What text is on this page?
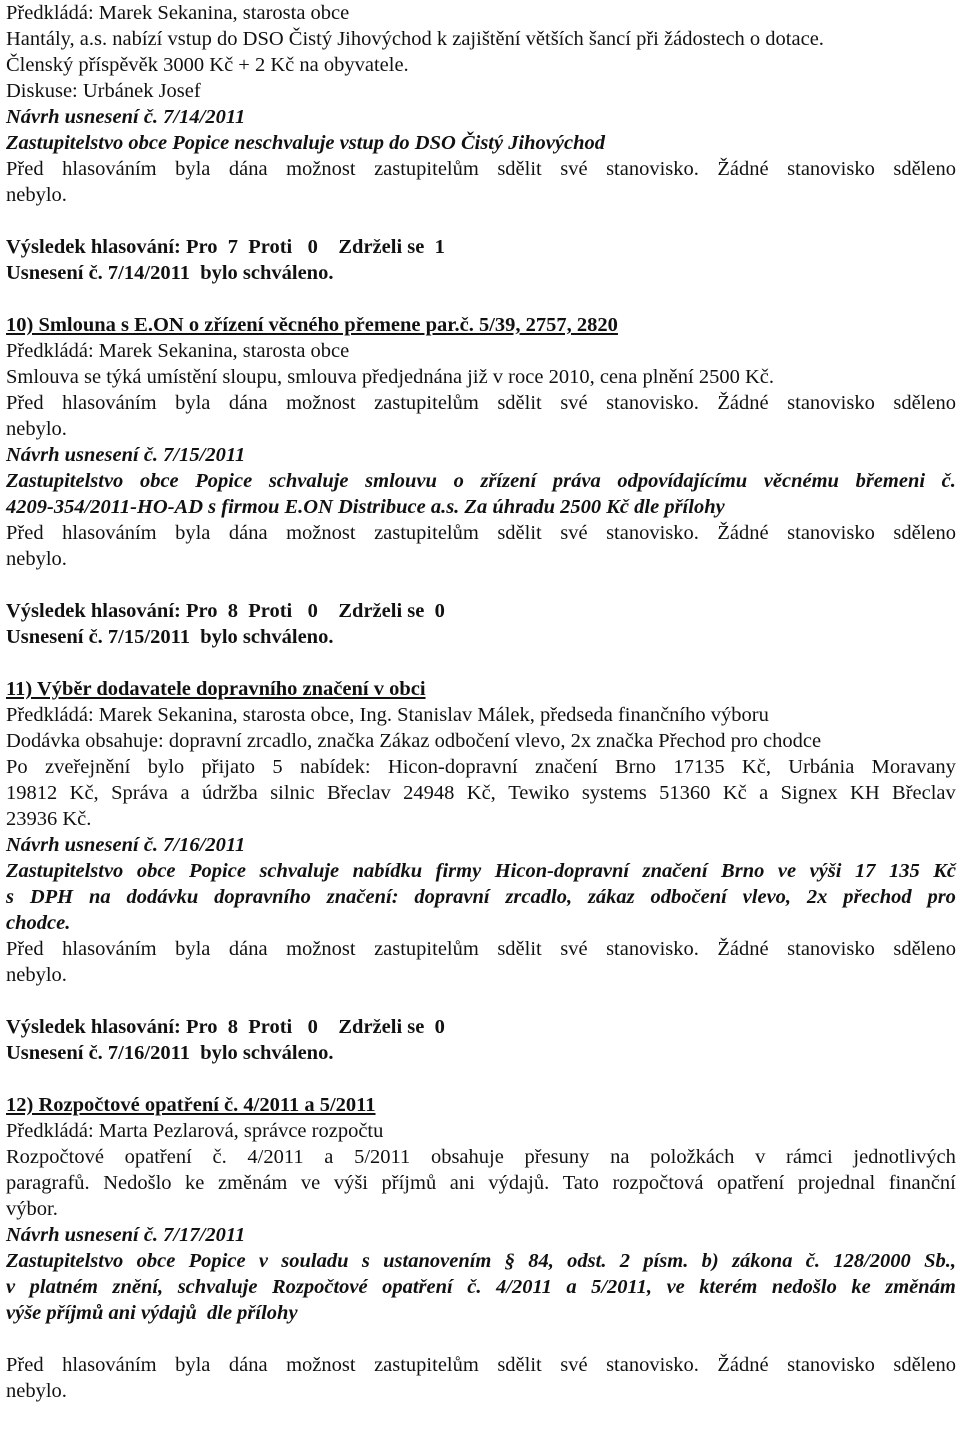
Předkládá: Marek Sekanina, starosta obce
Hantály, a.s. nabízí vstup do DSO Čistý Jihovýchod k zajištění větších šancí při žádostech o dotace.
Členský příspěvěk 3000 Kč + 2 Kč na obyvatele.
Diskuse: Urbánek Josef
Návrh usnesení č. 7/14/2011
Zastupitelstvo obce Popice neschvaluje vstup do DSO Čistý Jihovýchod
Před hlasováním byla dána možnost zastupitelům sdělit své stanovisko. Žádné stanovisko sděleno
nebylo.
Výsledek hlasování: Pro  7  Proti   0    Zdrželi se  1
Usnesení č. 7/14/2011  bylo schváleno.
10) Smlouna s E.ON o zřízení věcného přemene par.č. 5/39, 2757, 2820
Předkládá: Marek Sekanina, starosta obce
Smlouva se týká umístění sloupu, smlouva předjednána již v roce 2010, cena plnění 2500 Kč.
Před hlasováním byla dána možnost zastupitelům sdělit své stanovisko. Žádné stanovisko sděleno
nebylo.
Návrh usnesení č. 7/15/2011
Zastupitelstvo obce Popice schvaluje smlouvu o zřízení práva odpovídajícímu věcnému břemeni č.
4209-354/2011-HO-AD s firmou E.ON Distribuce a.s. Za úhradu 2500 Kč dle přílohy
Před hlasováním byla dána možnost zastupitelům sdělit své stanovisko. Žádné stanovisko sděleno
nebylo.
Výsledek hlasování: Pro  8  Proti   0    Zdrželi se  0
Usnesení č. 7/15/2011  bylo schváleno.
11) Výběr dodavatele dopravního značení v obci
Předkládá: Marek Sekanina, starosta obce, Ing. Stanislav Málek, předseda finančního výboru
Dodávka obsahuje: dopravní zrcadlo, značka Zákaz odbočení vlevo, 2x značka Přechod pro chodce
Po zveřejnění bylo přijato 5 nabídek: Hicon-dopravní značení Brno 17135 Kč, Urbánia Moravany
19812 Kč, Správa a údržba silnic Břeclav 24948 Kč, Tewiko systems 51360 Kč a Signex KH Břeclav
23936 Kč.
Návrh usnesení č. 7/16/2011
Zastupitelstvo obce Popice schvaluje nabídku firmy Hicon-dopravní značení Brno ve výši 17 135 Kč
s DPH na dodávku dopravního značení: dopravní zrcadlo, zákaz odbočení vlevo, 2x přechod pro
chodce.
Před hlasováním byla dána možnost zastupitelům sdělit své stanovisko. Žádné stanovisko sděleno
nebylo.
Výsledek hlasování: Pro  8  Proti   0    Zdrželi se  0
Usnesení č. 7/16/2011  bylo schváleno.
12) Rozpočtové opatření č. 4/2011 a 5/2011
Předkládá: Marta Pezlarová, správce rozpočtu
Rozpočtové opatření č. 4/2011 a 5/2011 obsahuje přesuny na položkách v rámci jednotlivých
paragrafů. Nedošlo ke změnám ve výši příjmů ani výdajů. Tato rozpočtová opatření projednal finanční
výbor.
Návrh usnesení č. 7/17/2011
Zastupitelstvo obce Popice v souladu s ustanovením § 84, odst. 2 písm. b) zákona č. 128/2000 Sb.,
v platném znění, schvaluje Rozpočtové opatření č. 4/2011 a 5/2011, ve kterém nedošlo ke změnám
výše příjmů ani výdajů  dle přílohy
Před hlasováním byla dána možnost zastupitelům sdělit své stanovisko. Žádné stanovisko sděleno
nebylo.
